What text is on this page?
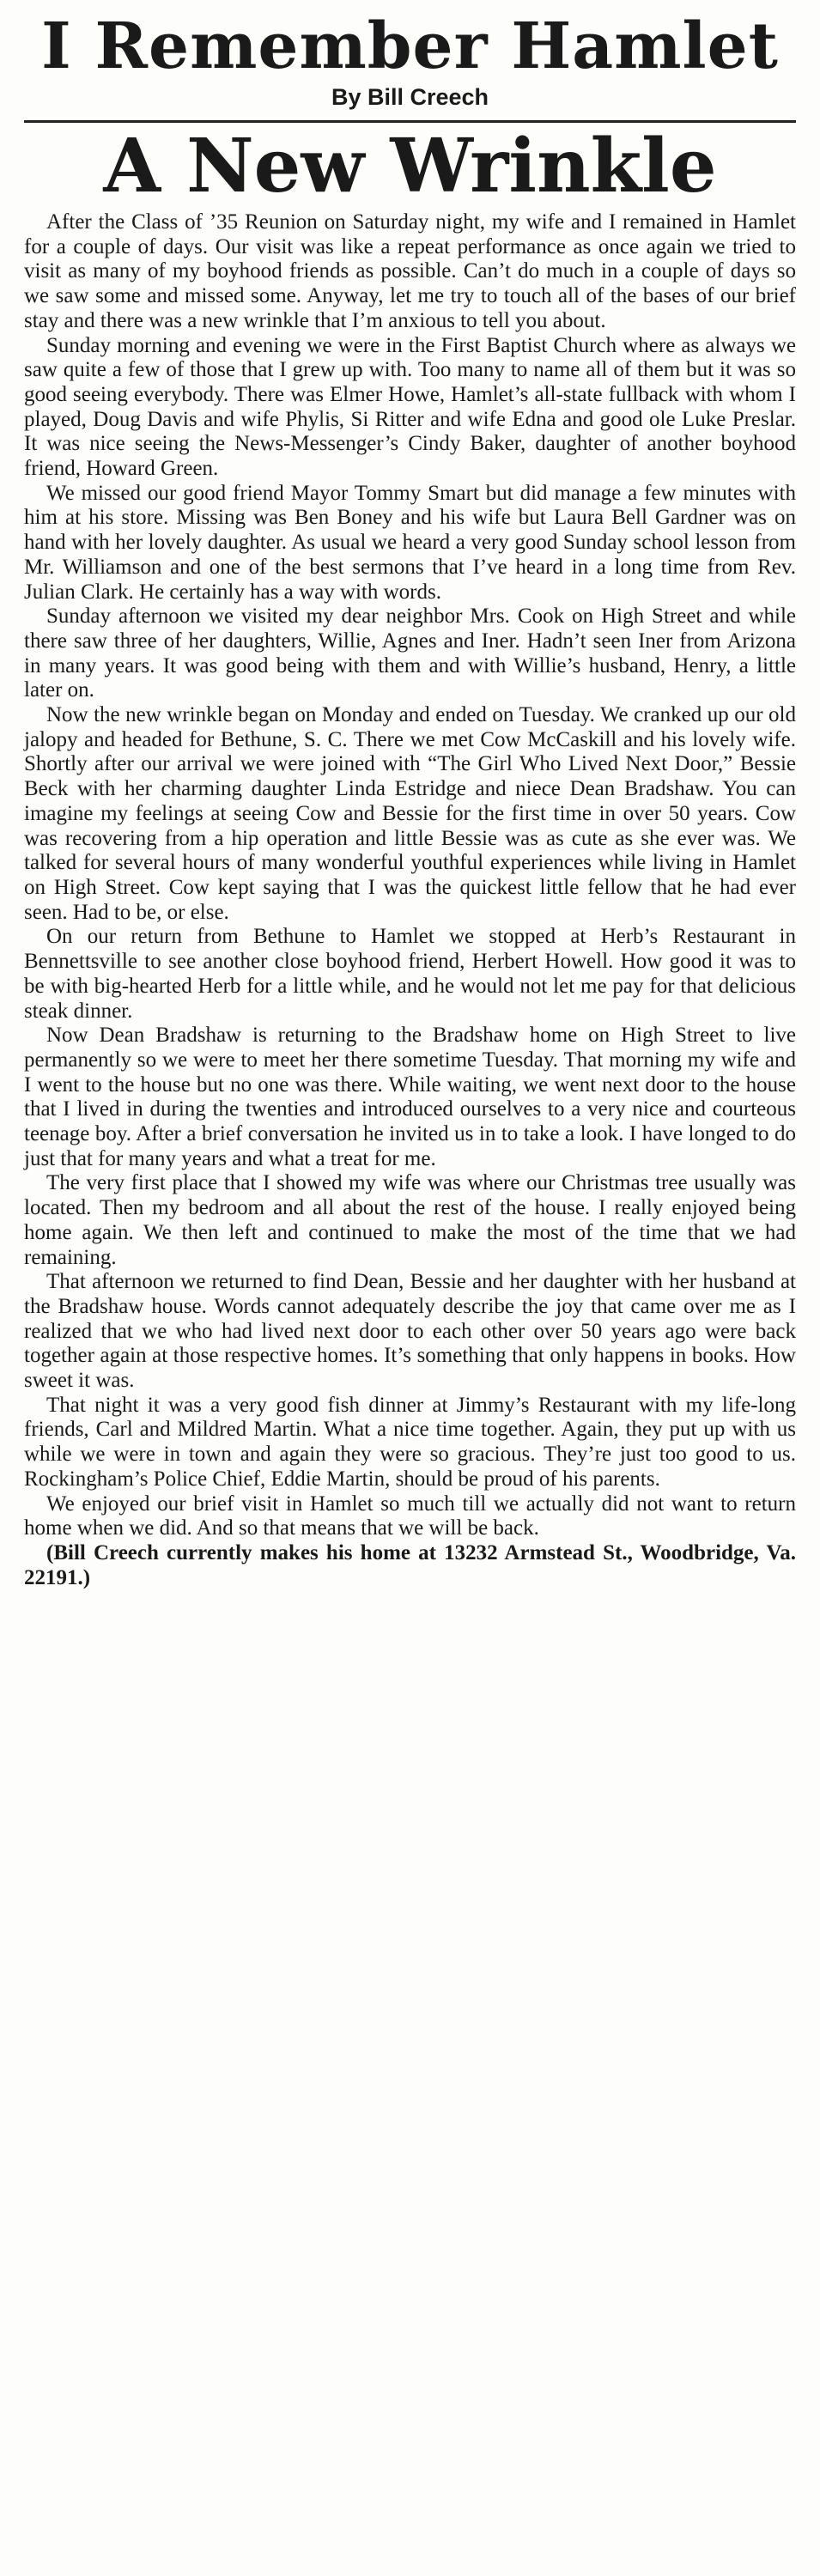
I Remember Hamlet
By Bill Creech
A New Wrinkle

After the Class of ’35 Reunion on Saturday night, my wife and I remained in Hamlet for a couple of days. Our visit was like a repeat performance as once again we tried to visit as many of my boyhood friends as possible. Can’t do much in a couple of days so we saw some and missed some. Anyway, let me try to touch all of the bases of our brief stay and there was a new wrinkle that I’m anxious to tell you about.

Sunday morning and evening we were in the First Baptist Church where as always we saw quite a few of those that I grew up with. Too many to name all of them but it was so good seeing everybody. There was Elmer Howe, Hamlet’s all-state fullback with whom I played, Doug Davis and wife Phylis, Si Ritter and wife Edna and good ole Luke Preslar. It was nice seeing the News-Messenger’s Cindy Baker, daughter of another boyhood friend, Howard Green.

We missed our good friend Mayor Tommy Smart but did manage a few minutes with him at his store. Missing was Ben Boney and his wife but Laura Bell Gardner was on hand with her lovely daughter. As usual we heard a very good Sunday school lesson from Mr. Williamson and one of the best sermons that I’ve heard in a long time from Rev. Julian Clark. He certainly has a way with words.

Sunday afternoon we visited my dear neighbor Mrs. Cook on High Street and while there saw three of her daughters, Willie, Agnes and Iner. Hadn’t seen Iner from Arizona in many years. It was good being with them and with Willie’s husband, Henry, a little later on.

Now the new wrinkle began on Monday and ended on Tuesday. We cranked up our old jalopy and headed for Bethune, S. C. There we met Cow McCaskill and his lovely wife. Shortly after our arrival we were joined with “The Girl Who Lived Next Door,” Bessie Beck with her charming daughter Linda Estridge and niece Dean Bradshaw. You can imagine my feelings at seeing Cow and Bessie for the first time in over 50 years. Cow was recovering from a hip operation and little Bessie was as cute as she ever was. We talked for several hours of many wonderful youthful experiences while living in Hamlet on High Street. Cow kept saying that I was the quickest little fellow that he had ever seen. Had to be, or else.

On our return from Bethune to Hamlet we stopped at Herb’s Restaurant in Bennettsville to see another close boyhood friend, Herbert Howell. How good it was to be with big-hearted Herb for a little while, and he would not let me pay for that delicious steak dinner.

Now Dean Bradshaw is returning to the Bradshaw home on High Street to live permanently so we were to meet her there sometime Tuesday. That morning my wife and I went to the house but no one was there. While waiting, we went next door to the house that I lived in during the twenties and introduced ourselves to a very nice and courteous teenage boy. After a brief conversation he invited us in to take a look. I have longed to do just that for many years and what a treat for me.

The very first place that I showed my wife was where our Christmas tree usually was located. Then my bedroom and all about the rest of the house. I really enjoyed being home again. We then left and continued to make the most of the time that we had remaining.

That afternoon we returned to find Dean, Bessie and her daughter with her husband at the Bradshaw house. Words cannot adequately describe the joy that came over me as I realized that we who had lived next door to each other over 50 years ago were back together again at those respective homes. It’s something that only happens in books. How sweet it was.

That night it was a very good fish dinner at Jimmy’s Restaurant with my life-long friends, Carl and Mildred Martin. What a nice time together. Again, they put up with us while we were in town and again they were so gracious. They’re just too good to us. Rockingham’s Police Chief, Eddie Martin, should be proud of his parents.

We enjoyed our brief visit in Hamlet so much till we actually did not want to return home when we did. And so that means that we will be back.

(Bill Creech currently makes his home at 13232 Armstead St., Woodbridge, Va. 22191.)
